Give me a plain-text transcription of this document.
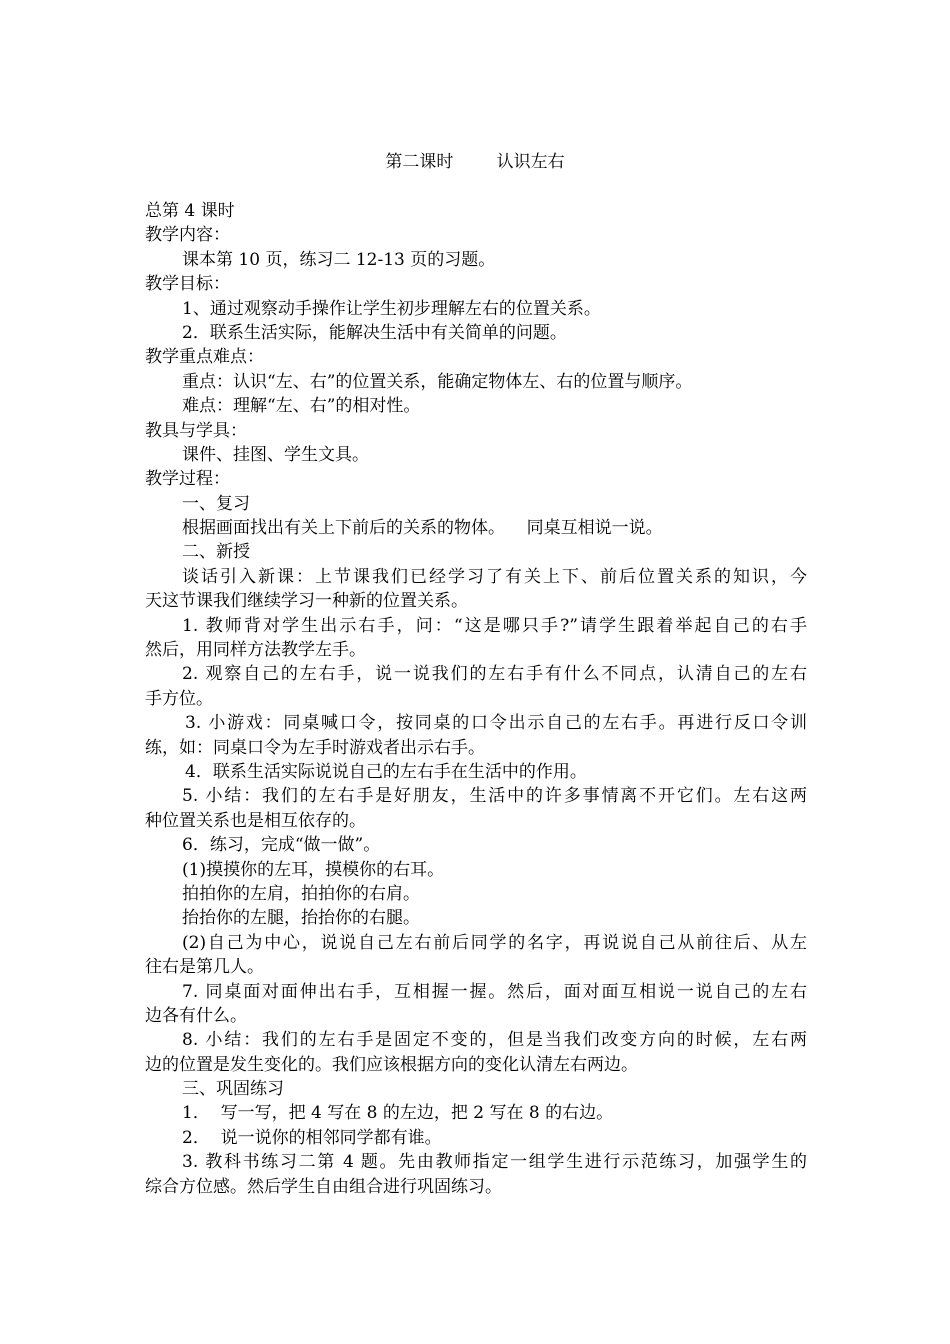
第二课时        认识左右
总第 4 课时
教学内容：
课本第 10 页，练习二 12-13 页的习题。
教学目标：
1、通过观察动手操作让学生初步理解左右的位置关系。
2．联系生活实际，能解决生活中有关简单的问题。
教学重点难点：
重点：认识“左、右”的位置关系，能确定物体左、右的位置与顺序。
难点：理解“左、右”的相对性。
教具与学具：
课件、挂图、学生文具。
教学过程：
一、复习
根据画面找出有关上下前后的关系的物体。    同桌互相说一说。
二、新授
谈话引入新课：上节课我们已经学习了有关上下、前后位置关系的知识，今
天这节课我们继续学习一种新的位置关系。
1. 教师背对学生出示右手，问：“这是哪只手?”请学生跟着举起自己的右手
然后，用同样方法教学左手。
2. 观察自己的左右手，说一说我们的左右手有什么不同点，认清自己的左右
手方位。
3. 小游戏：同桌喊口令，按同桌的口令出示自己的左右手。再进行反口令训
练，如：同桌口令为左手时游戏者出示右手。
4．联系生活实际说说自己的左右手在生活中的作用。
5. 小结：我们的左右手是好朋友，生活中的许多事情离不开它们。左右这两
种位置关系也是相互依存的。
6．练习，完成“做一做”。
(1)摸摸你的左耳，摸模你的右耳。
拍拍你的左肩，拍拍你的右肩。
抬抬你的左腿，抬抬你的右腿。
(2)自己为中心，说说自己左右前后同学的名字，再说说自己从前往后、从左
往右是第几人。
7. 同桌面对面伸出右手，互相握一握。然后，面对面互相说一说自己的左右
边各有什么。
8. 小结：我们的左右手是固定不变的，但是当我们改变方向的时候，左右两
边的位置是发生变化的。我们应该根据方向的变化认清左右两边。
三、巩固练习
1．  写一写，把 4 写在 8 的左边，把 2 写在 8 的右边。
2．  说一说你的相邻同学都有谁。
3. 教科书练习二第 4 题。先由教师指定一组学生进行示范练习，加强学生的
综合方位感。然后学生自由组合进行巩固练习。
